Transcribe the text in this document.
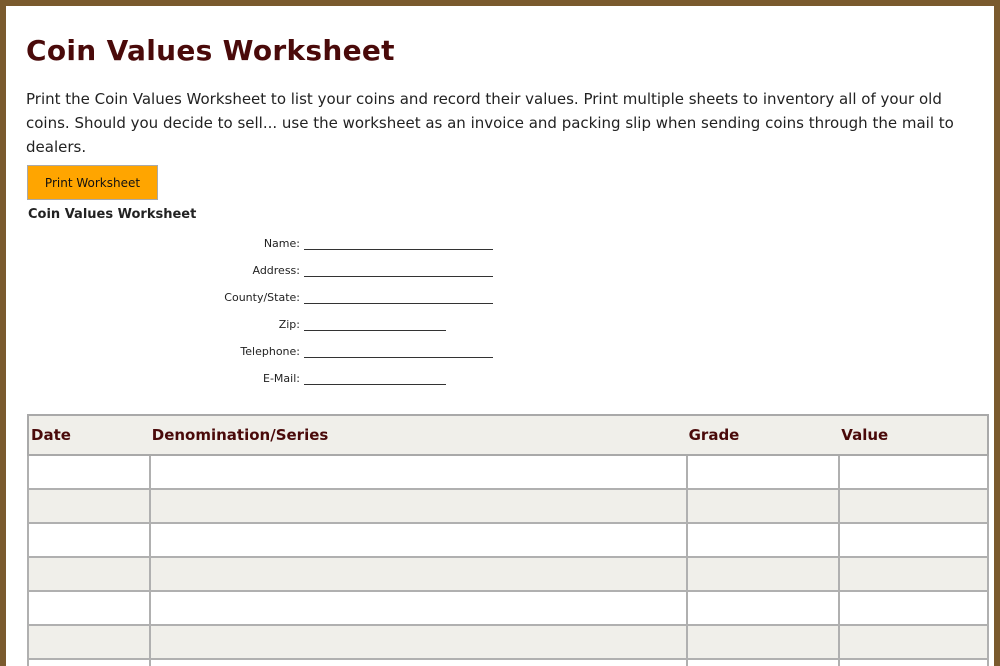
Coin Values Worksheet

Print the Coin Values Worksheet to list your coins and record their values. Print multiple sheets to inventory all of your old coins. Should you decide to sell... use the worksheet as an invoice and packing slip when sending coins through the mail to dealers.

Print Worksheet
Coin Values Worksheet
Name:
Address:
County/State:
Zip:
Telephone:
E-Mail:
Date	Denomination/Series	Grade	Value
